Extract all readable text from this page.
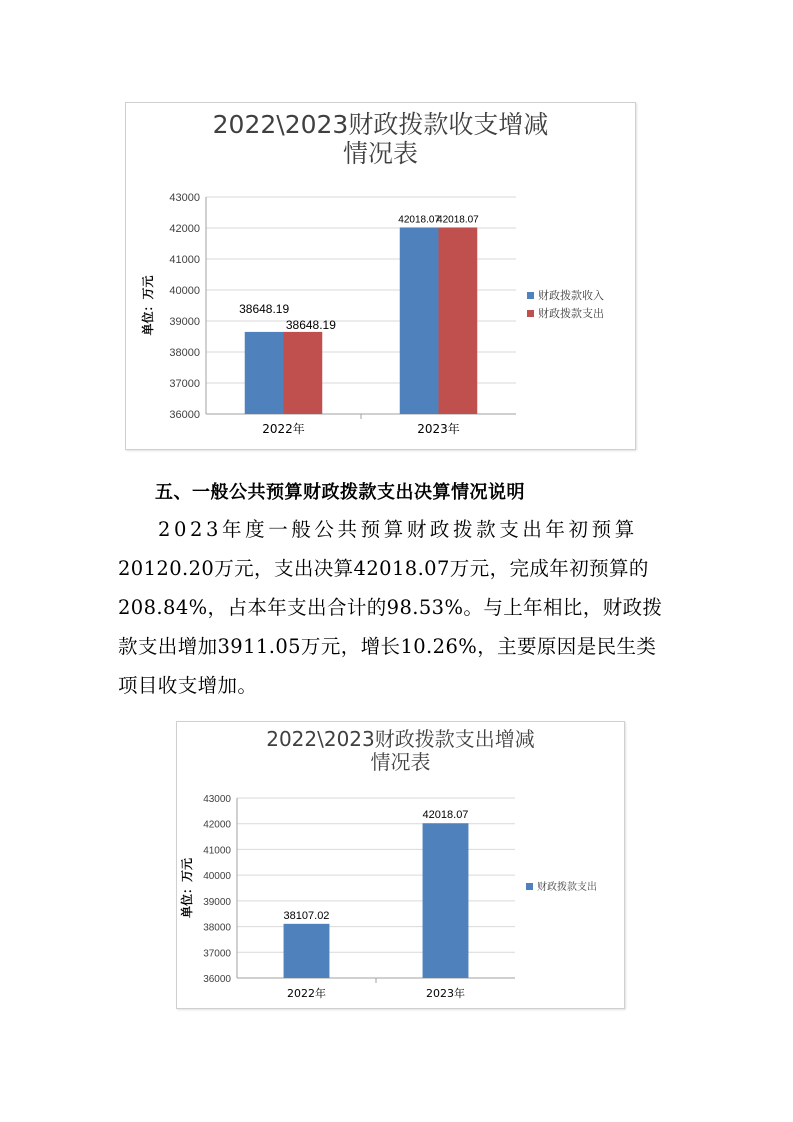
2022\2023财政拨款收支增减
情况表
36000
37000
38000
39000
40000
41000
42000
43000
2022年
38648.19
38648.19
2023年
42018.07
42018.07
单位：万元	财政拨款收入
财政拨款支出
五、一般公共预算财政拨款支出决算情况说明
2023年度一般公共预算财政拨款支出年初预算
20120.20万元，支出决算42018.07万元，完成年初预算的
208.84%，占本年支出合计的98.53%。与上年相比，财政拨
款支出增加3911.05万元，增长10.26%，主要原因是民生类
项目收支增加。
2022\2023财政拨款支出增减
情况表
36000
37000
38000
39000
40000
41000
42000
43000
2022年
38107.02
2023年
42018.07
单位：万元	财政拨款支出
